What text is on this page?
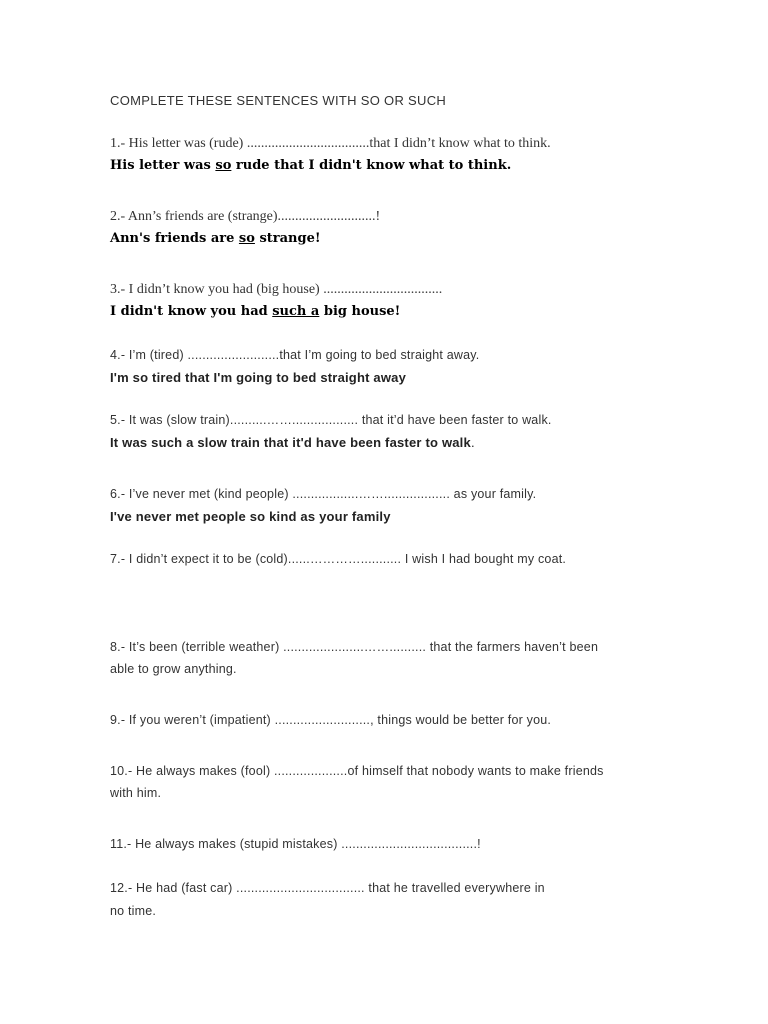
COMPLETE THESE SENTENCES WITH SO OR SUCH

1.- His letter was (rude) ...................................that I didn’t know what to think.

His letter was so rude that I didn't know what to think.

2.- Ann’s friends are (strange)............................!

Ann's friends are so strange!

3.- I didn’t know you had (big house) ..................................

I didn't know you had such a big house!

4.- I’m (tired) .........................that I’m going to bed straight away.

I'm so tired that I'm going to bed straight away

5.- It was (slow train)..........…….................. that it’d have been faster to walk.

It was such a slow train that it'd have been faster to walk.

6.- I’ve never met (kind people) ..................…….................. as your family.

I've never met people so kind as your family

7.- I didn’t expect it to be (cold)......…………........... I wish I had bought my coat.

8.- It’s been (terrible weather) ......................…….......... that the farmers haven’t been

able to grow anything.

9.- If you weren’t (impatient) .........................., things would be better for you.

10.- He always makes (fool) ....................of himself that nobody wants to make friends

with him.

11.- He always makes (stupid mistakes) .....................................!

12.- He had (fast car) ................................... that he travelled everywhere in

no time.
